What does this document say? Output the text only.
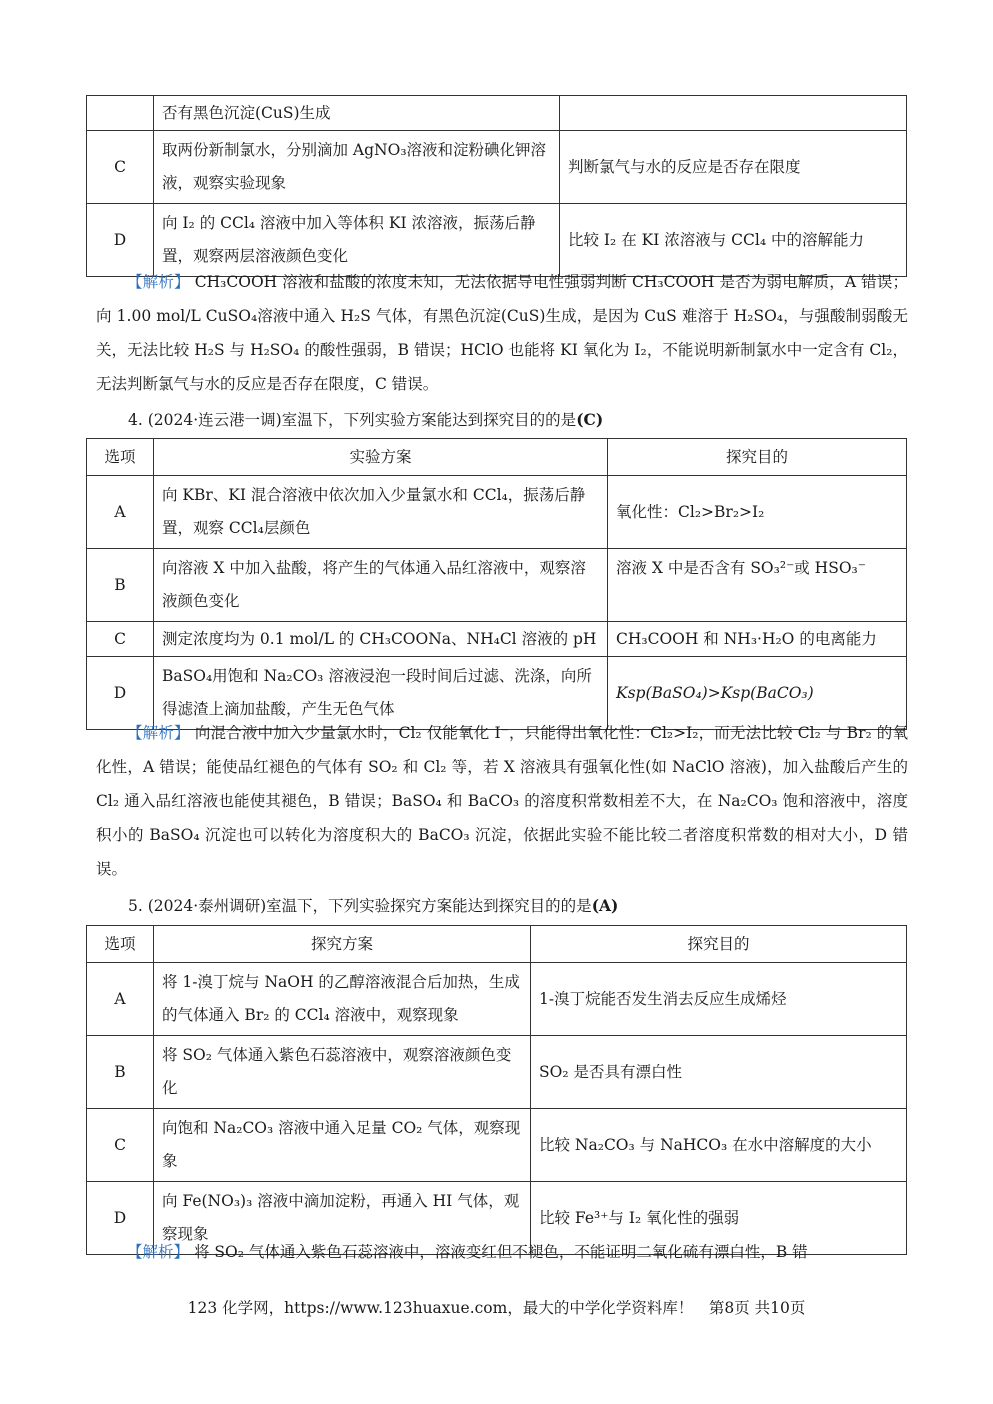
	否有黑色沉淀(CuS)生成	
C	取两份新制氯水，分别滴加 AgNO₃溶液和淀粉碘化钾溶液，观察实验现象	判断氯气与水的反应是否存在限度
D	向 I₂ 的 CCl₄ 溶液中加入等体积 KI 浓溶液，振荡后静置，观察两层溶液颜色变化	比较 I₂ 在 KI 浓溶液与 CCl₄ 中的溶解能力
【解析】 CH₃COOH 溶液和盐酸的浓度未知，无法依据导电性强弱判断 CH₃COOH 是否为弱电解质，A 错误；向 1.00 mol/L CuSO₄溶液中通入 H₂S 气体，有黑色沉淀(CuS)生成，是因为 CuS 难溶于 H₂SO₄，与强酸制弱酸无关，无法比较 H₂S 与 H₂SO₄ 的酸性强弱，B 错误；HClO 也能将 KI 氧化为 I₂，不能说明新制氯水中一定含有 Cl₂，无法判断氯气与水的反应是否存在限度，C 错误。
4. (2024·连云港一调)室温下，下列实验方案能达到探究目的的是(C)
选项	实验方案	探究目的
A	向 KBr、KI 混合溶液中依次加入少量氯水和 CCl₄，振荡后静置，观察 CCl₄层颜色	氧化性：Cl₂>Br₂>I₂
B	向溶液 X 中加入盐酸，将产生的气体通入品红溶液中，观察溶液颜色变化	溶液 X 中是否含有 SO₃²⁻或 HSO₃⁻
C	测定浓度均为 0.1 mol/L 的 CH₃COONa、NH₄Cl 溶液的 pH	CH₃COOH 和 NH₃·H₂O 的电离能力
D	BaSO₄用饱和 Na₂CO₃ 溶液浸泡一段时间后过滤、洗涤，向所得滤渣上滴加盐酸，产生无色气体	Ksp(BaSO₄)>Ksp(BaCO₃)
【解析】 向混合液中加入少量氯水时，Cl₂ 仅能氧化 I⁻，只能得出氧化性：Cl₂>I₂，而无法比较 Cl₂ 与 Br₂ 的氧化性，A 错误；能使品红褪色的气体有 SO₂ 和 Cl₂ 等，若 X 溶液具有强氧化性(如 NaClO 溶液)，加入盐酸后产生的 Cl₂ 通入品红溶液也能使其褪色，B 错误；BaSO₄ 和 BaCO₃ 的溶度积常数相差不大，在 Na₂CO₃ 饱和溶液中，溶度积小的 BaSO₄ 沉淀也可以转化为溶度积大的 BaCO₃ 沉淀，依据此实验不能比较二者溶度积常数的相对大小，D 错误。
5. (2024·泰州调研)室温下，下列实验探究方案能达到探究目的的是(A)
选项	探究方案	探究目的
A	将 1-溴丁烷与 NaOH 的乙醇溶液混合后加热，生成的气体通入 Br₂ 的 CCl₄ 溶液中，观察现象	1-溴丁烷能否发生消去反应生成烯烃
B	将 SO₂ 气体通入紫色石蕊溶液中，观察溶液颜色变化	SO₂ 是否具有漂白性
C	向饱和 Na₂CO₃ 溶液中通入足量 CO₂ 气体，观察现象	比较 Na₂CO₃ 与 NaHCO₃ 在水中溶解度的大小
D	向 Fe(NO₃)₃ 溶液中滴加淀粉，再通入 HI 气体，观察现象	比较 Fe³⁺与 I₂ 氧化性的强弱
【解析】 将 SO₂ 气体通入紫色石蕊溶液中，溶液变红但不褪色，不能证明二氧化硫有漂白性，B 错
123 化学网，https://www.123huaxue.com，最大的中学化学资料库！　第8页 共10页
